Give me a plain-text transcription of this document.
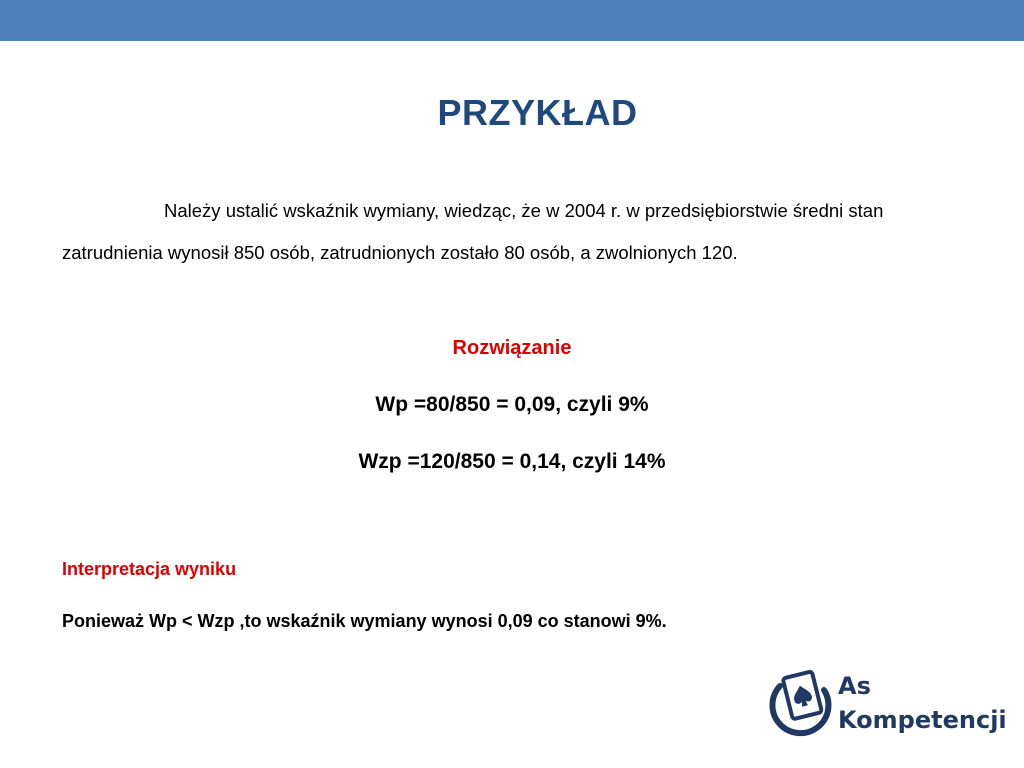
PRZYKŁAD

Należy ustalić wskaźnik wymiany, wiedząc, że w 2004 r. w przedsiębiorstwie średni stan zatrudnienia wynosił 850 osób, zatrudnionych zostało 80 osób, a zwolnionych 120.

Rozwiązanie

Wp =80/850 = 0,09, czyli 9%

Wzp =120/850 = 0,14, czyli 14%

Interpretacja wyniku

Ponieważ Wp < Wzp ,to wskaźnik wymiany wynosi 0,09 co stanowi 9%.

As
Kompetencji
